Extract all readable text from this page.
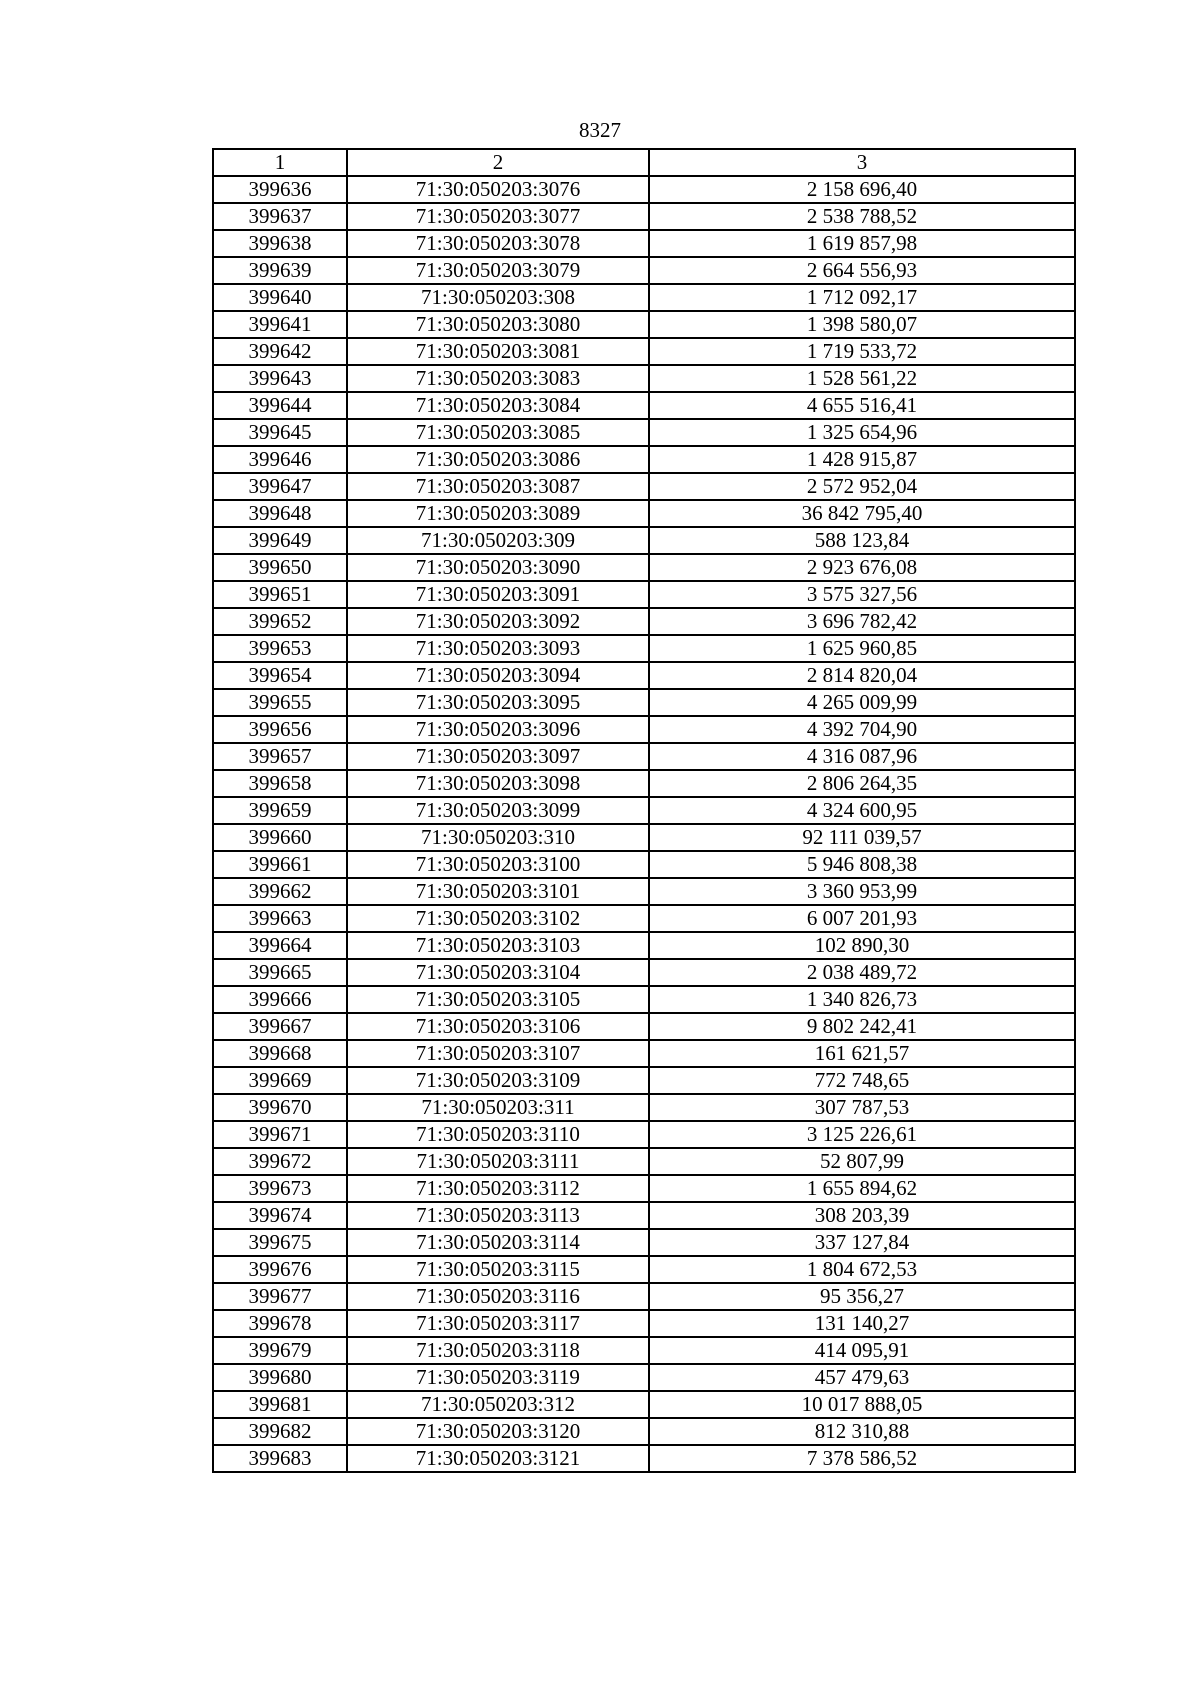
8327
1	2	3
399636	71:30:050203:3076	2 158 696,40
399637	71:30:050203:3077	2 538 788,52
399638	71:30:050203:3078	1 619 857,98
399639	71:30:050203:3079	2 664 556,93
399640	71:30:050203:308	1 712 092,17
399641	71:30:050203:3080	1 398 580,07
399642	71:30:050203:3081	1 719 533,72
399643	71:30:050203:3083	1 528 561,22
399644	71:30:050203:3084	4 655 516,41
399645	71:30:050203:3085	1 325 654,96
399646	71:30:050203:3086	1 428 915,87
399647	71:30:050203:3087	2 572 952,04
399648	71:30:050203:3089	36 842 795,40
399649	71:30:050203:309	588 123,84
399650	71:30:050203:3090	2 923 676,08
399651	71:30:050203:3091	3 575 327,56
399652	71:30:050203:3092	3 696 782,42
399653	71:30:050203:3093	1 625 960,85
399654	71:30:050203:3094	2 814 820,04
399655	71:30:050203:3095	4 265 009,99
399656	71:30:050203:3096	4 392 704,90
399657	71:30:050203:3097	4 316 087,96
399658	71:30:050203:3098	2 806 264,35
399659	71:30:050203:3099	4 324 600,95
399660	71:30:050203:310	92 111 039,57
399661	71:30:050203:3100	5 946 808,38
399662	71:30:050203:3101	3 360 953,99
399663	71:30:050203:3102	6 007 201,93
399664	71:30:050203:3103	102 890,30
399665	71:30:050203:3104	2 038 489,72
399666	71:30:050203:3105	1 340 826,73
399667	71:30:050203:3106	9 802 242,41
399668	71:30:050203:3107	161 621,57
399669	71:30:050203:3109	772 748,65
399670	71:30:050203:311	307 787,53
399671	71:30:050203:3110	3 125 226,61
399672	71:30:050203:3111	52 807,99
399673	71:30:050203:3112	1 655 894,62
399674	71:30:050203:3113	308 203,39
399675	71:30:050203:3114	337 127,84
399676	71:30:050203:3115	1 804 672,53
399677	71:30:050203:3116	95 356,27
399678	71:30:050203:3117	131 140,27
399679	71:30:050203:3118	414 095,91
399680	71:30:050203:3119	457 479,63
399681	71:30:050203:312	10 017 888,05
399682	71:30:050203:3120	812 310,88
399683	71:30:050203:3121	7 378 586,52
